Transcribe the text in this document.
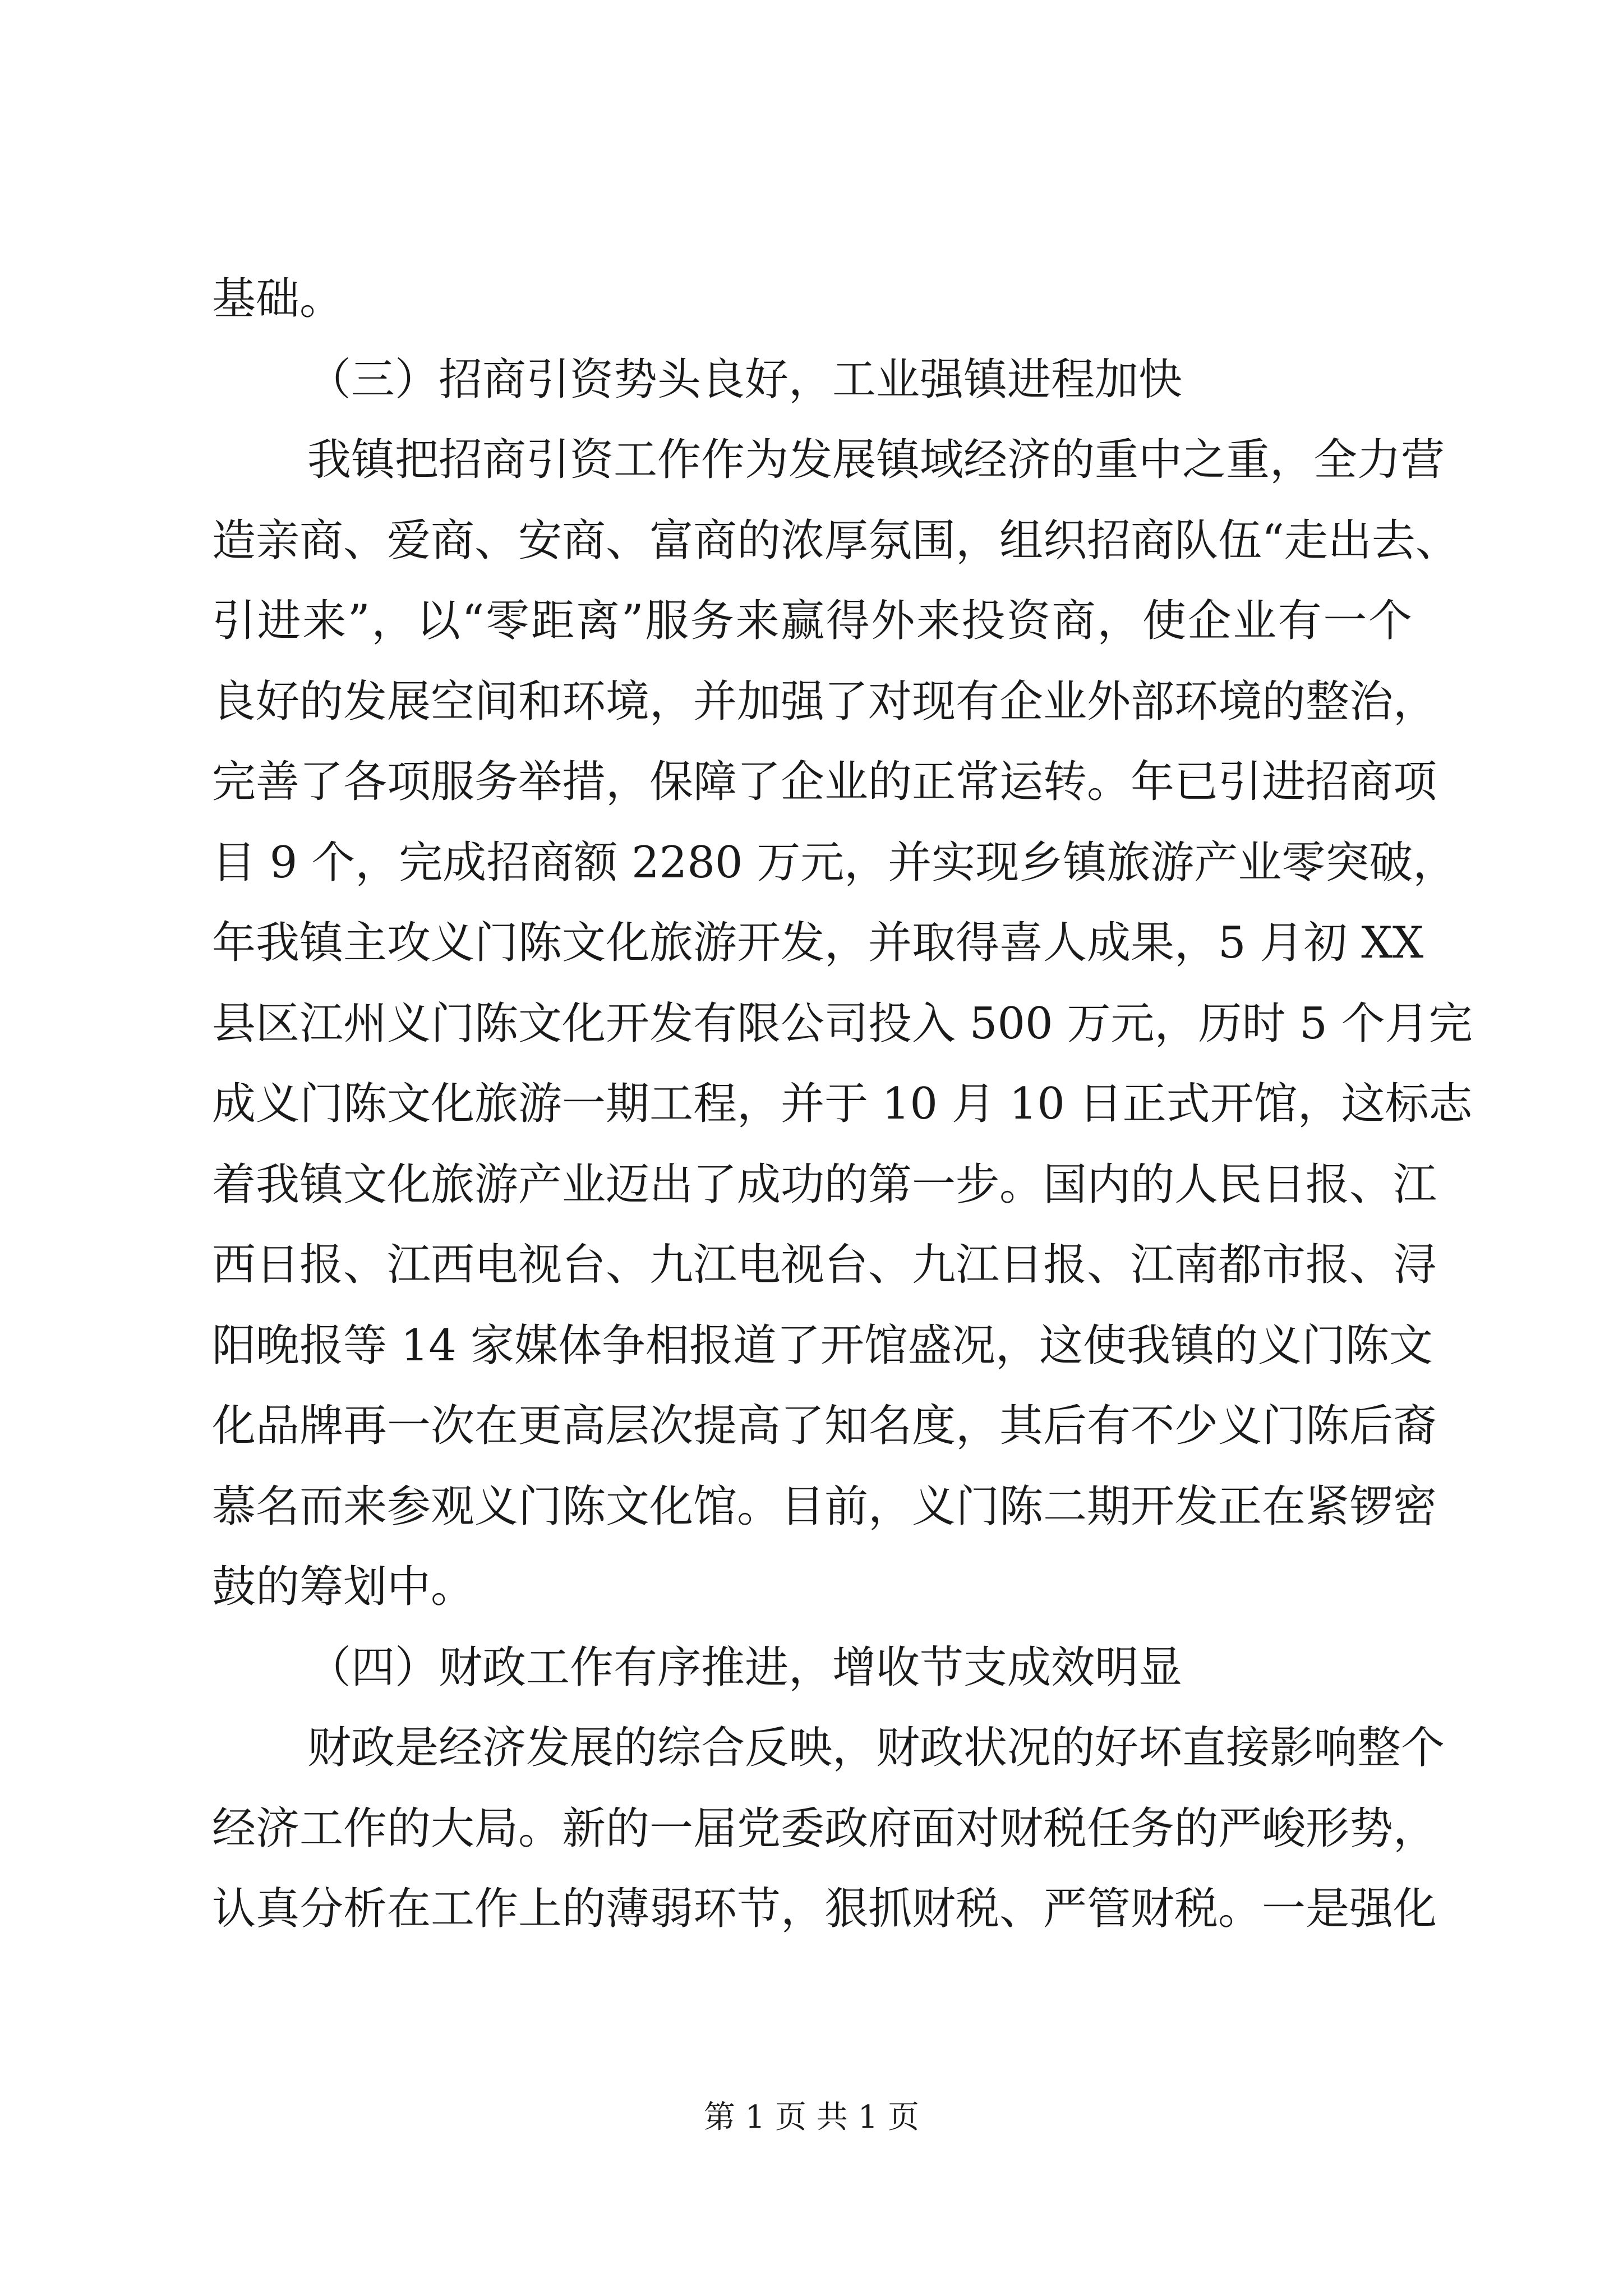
基础。
（三）招商引资势头良好，工业强镇进程加快
我镇把招商引资工作作为发展镇域经济的重中之重，全力营
造亲商、爱商、安商、富商的浓厚氛围，组织招商队伍“走出去、
引进来”，以“零距离”服务来赢得外来投资商，使企业有一个
良好的发展空间和环境，并加强了对现有企业外部环境的整治，
完善了各项服务举措，保障了企业的正常运转。年已引进招商项
目 9 个，完成招商额 2280 万元，并实现乡镇旅游产业零突破，
年我镇主攻义门陈文化旅游开发，并取得喜人成果，5 月初 XX
县区江州义门陈文化开发有限公司投入 500 万元，历时 5 个月完
成义门陈文化旅游一期工程，并于 10 月 10 日正式开馆，这标志
着我镇文化旅游产业迈出了成功的第一步。国内的人民日报、江
西日报、江西电视台、九江电视台、九江日报、江南都市报、浔
阳晚报等 14 家媒体争相报道了开馆盛况，这使我镇的义门陈文
化品牌再一次在更高层次提高了知名度，其后有不少义门陈后裔
慕名而来参观义门陈文化馆。目前，义门陈二期开发正在紧锣密
鼓的筹划中。
（四）财政工作有序推进，增收节支成效明显
财政是经济发展的综合反映，财政状况的好坏直接影响整个
经济工作的大局。新的一届党委政府面对财税任务的严峻形势，
认真分析在工作上的薄弱环节，狠抓财税、严管财税。一是强化
第 1 页 共 1 页
